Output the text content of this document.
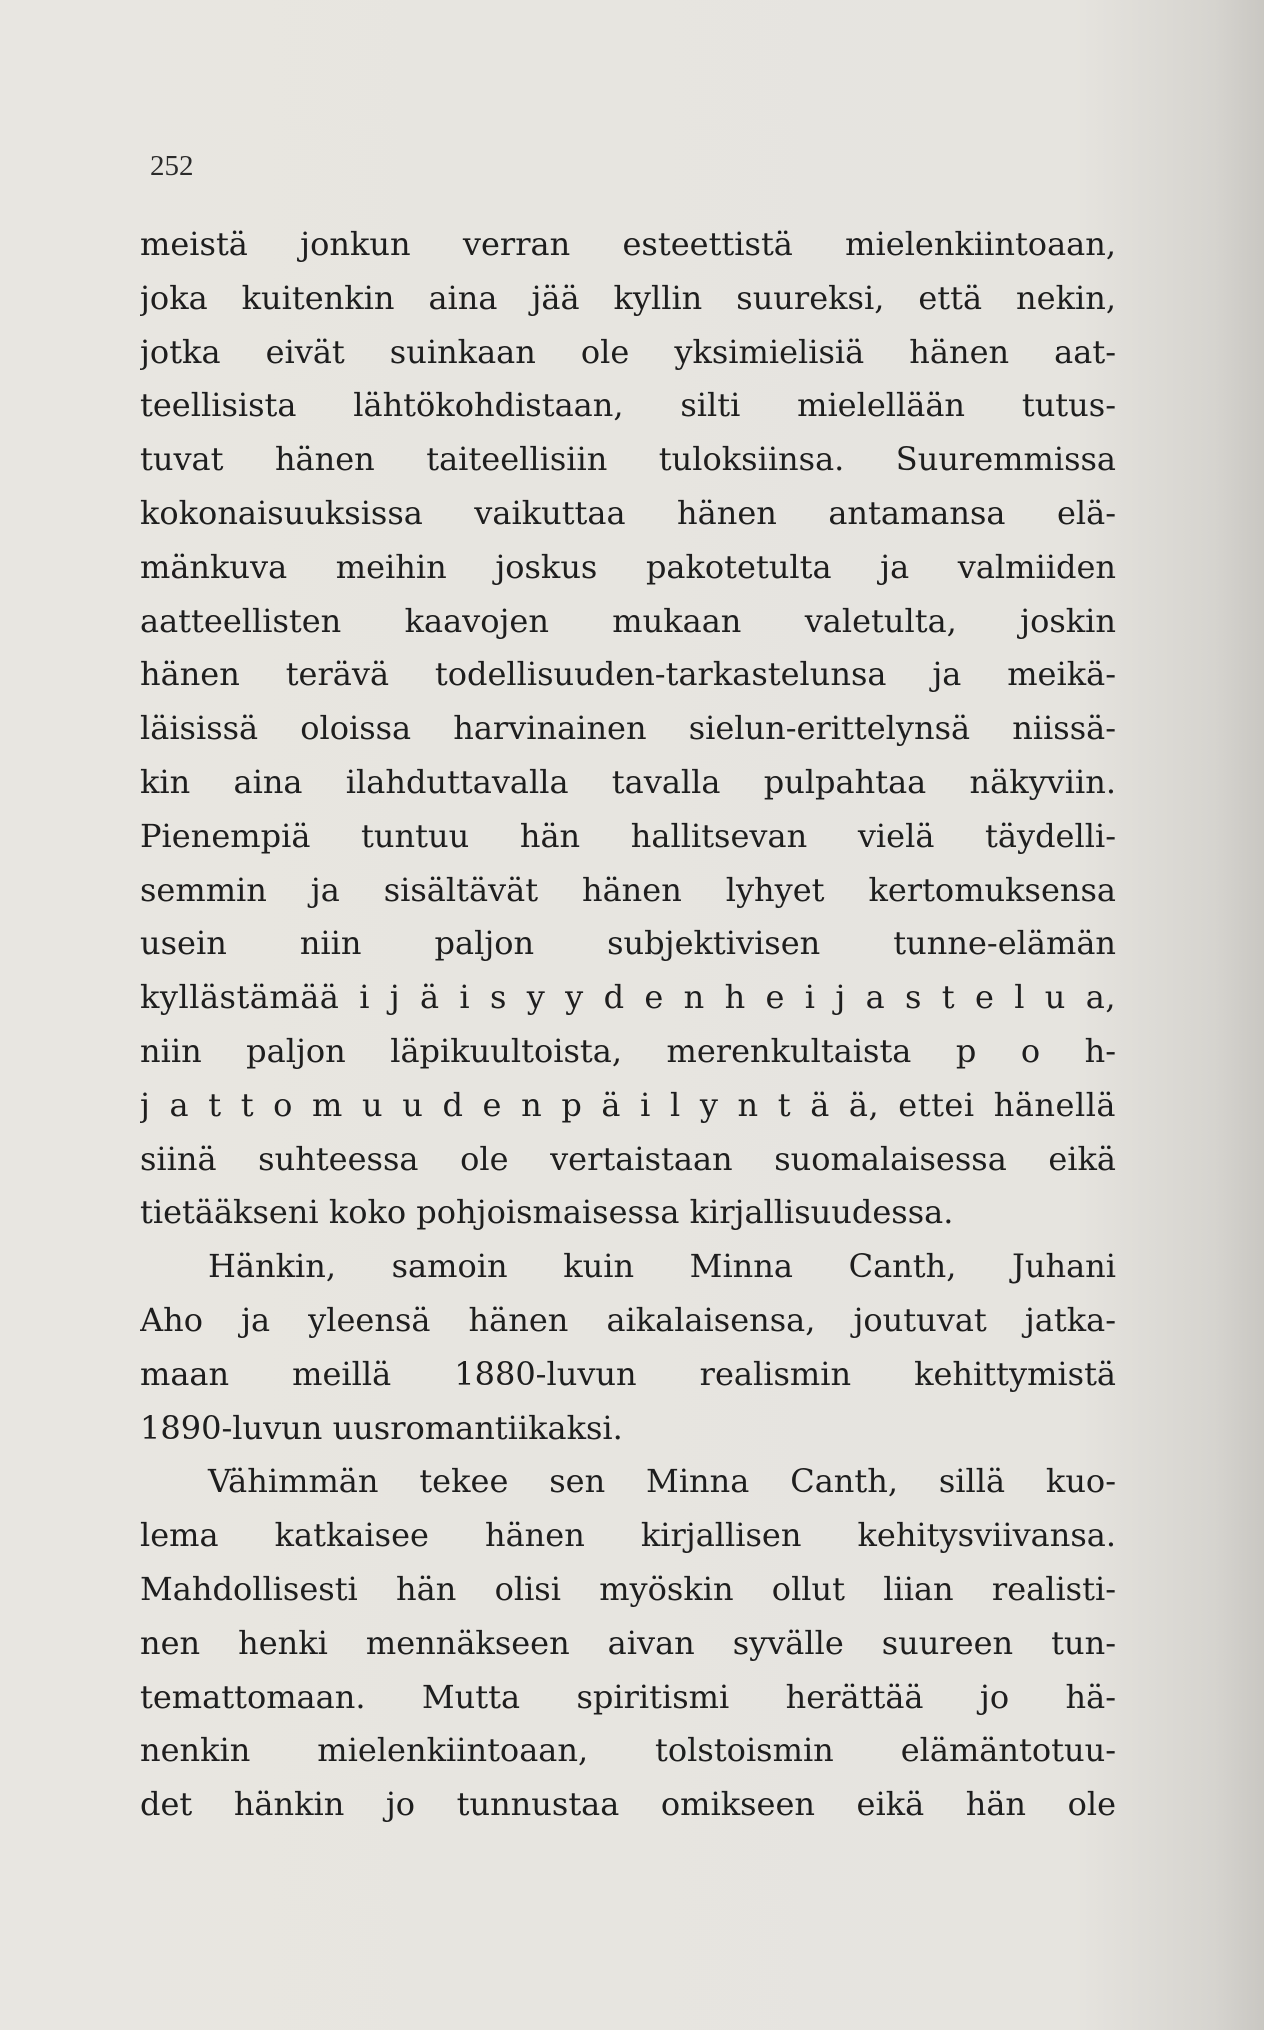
252
meistä jonkun verran esteettistä mielenkiintoaan,
joka kuitenkin aina jää kyllin suureksi, että nekin,
jotka eivät suinkaan ole yksimielisiä hänen aat-
teellisista lähtökohdistaan, silti mielellään tutus-
tuvat hänen taiteellisiin tuloksiinsa. Suuremmissa
kokonaisuuksissa vaikuttaa hänen antamansa elä-
mänkuva meihin joskus pakotetulta ja valmiiden
aatteellisten kaavojen mukaan valetulta, joskin
hänen terävä todellisuuden-tarkastelunsa ja meikä-
läisissä oloissa harvinainen sielun-erittelynsä niissä-
kin aina ilahduttavalla tavalla pulpahtaa näkyviin.
Pienempiä tuntuu hän hallitsevan vielä täydelli-
semmin ja sisältävät hänen lyhyet kertomuksensa
usein niin paljon subjektivisen tunne-elämän
kyllästämää i j ä i s y y d e n h e i j a s t e l u a,
niin paljon läpikuultoista, merenkultaista p o h-
j a t t o m u u d e n p ä i l y n t ä ä, ettei hänellä
siinä suhteessa ole vertaistaan suomalaisessa eikä
tietääkseni koko pohjoismaisessa kirjallisuudessa.
Hänkin, samoin kuin Minna Canth, Juhani
Aho ja yleensä hänen aikalaisensa, joutuvat jatka-
maan meillä 1880-luvun realismin kehittymistä
1890-luvun uusromantiikaksi.
Vähimmän tekee sen Minna Canth, sillä kuo-
lema katkaisee hänen kirjallisen kehitysviivansa.
Mahdollisesti hän olisi myöskin ollut liian realisti-
nen henki mennäkseen aivan syvälle suureen tun-
temattomaan. Mutta spiritismi herättää jo hä-
nenkin mielenkiintoaan, tolstoismin elämäntotuu-
det hänkin jo tunnustaa omikseen eikä hän ole
